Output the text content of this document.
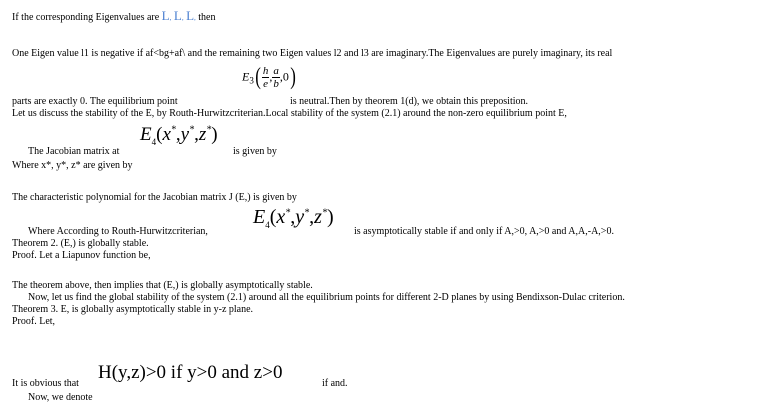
If the corresponding Eigenvalues are L, L, L, then
One Eigen value l1 is negative if af<bg+af\ and the remaining two Eigen values l2 and l3 are imaginary.The Eigenvalues are purely imaginary, its real
$E_3( \frac{h}{e}$ , $\frac{a}{b} ,0$)
parts are exactly 0. The equilibrium point	is neutral.Then by theorem 1(d), we obtain this preposition.
Let us discuss the stability of the E, by Routh-Hurwitzcriterian.Local stability of the system (2.1) around the non-zero equilibrium point E,
$E_4(x^*,y^*,z^*)$
The Jacobian matrix at	is given by
Where x*, y*, z* are given by
The characteristic polynomial for the Jacobian matrix J (E,) is given by
$E_4(x^*,y^*,z^*)$
Where According to Routh-Hurwitzcriterian,	is asymptotically stable if and only if A,>0, A,>0 and A,A,-A,>0.
Theorem 2. (E,) is globally stable.
Proof. Let a Liapunov function be,
The theorem above, then implies that (E,) is globally asymptotically stable.
Now, let us find the global stability of the system (2.1) around all the equilibrium points for different 2-D planes by using Bendixson-Dulac criterion.
Theorem 3. E, is globally asymptotically stable in y-z plane.
Proof. Let,
H(y,z)>0 if y>0 and z>0
It is obvious that	if and.
Now, we denote
